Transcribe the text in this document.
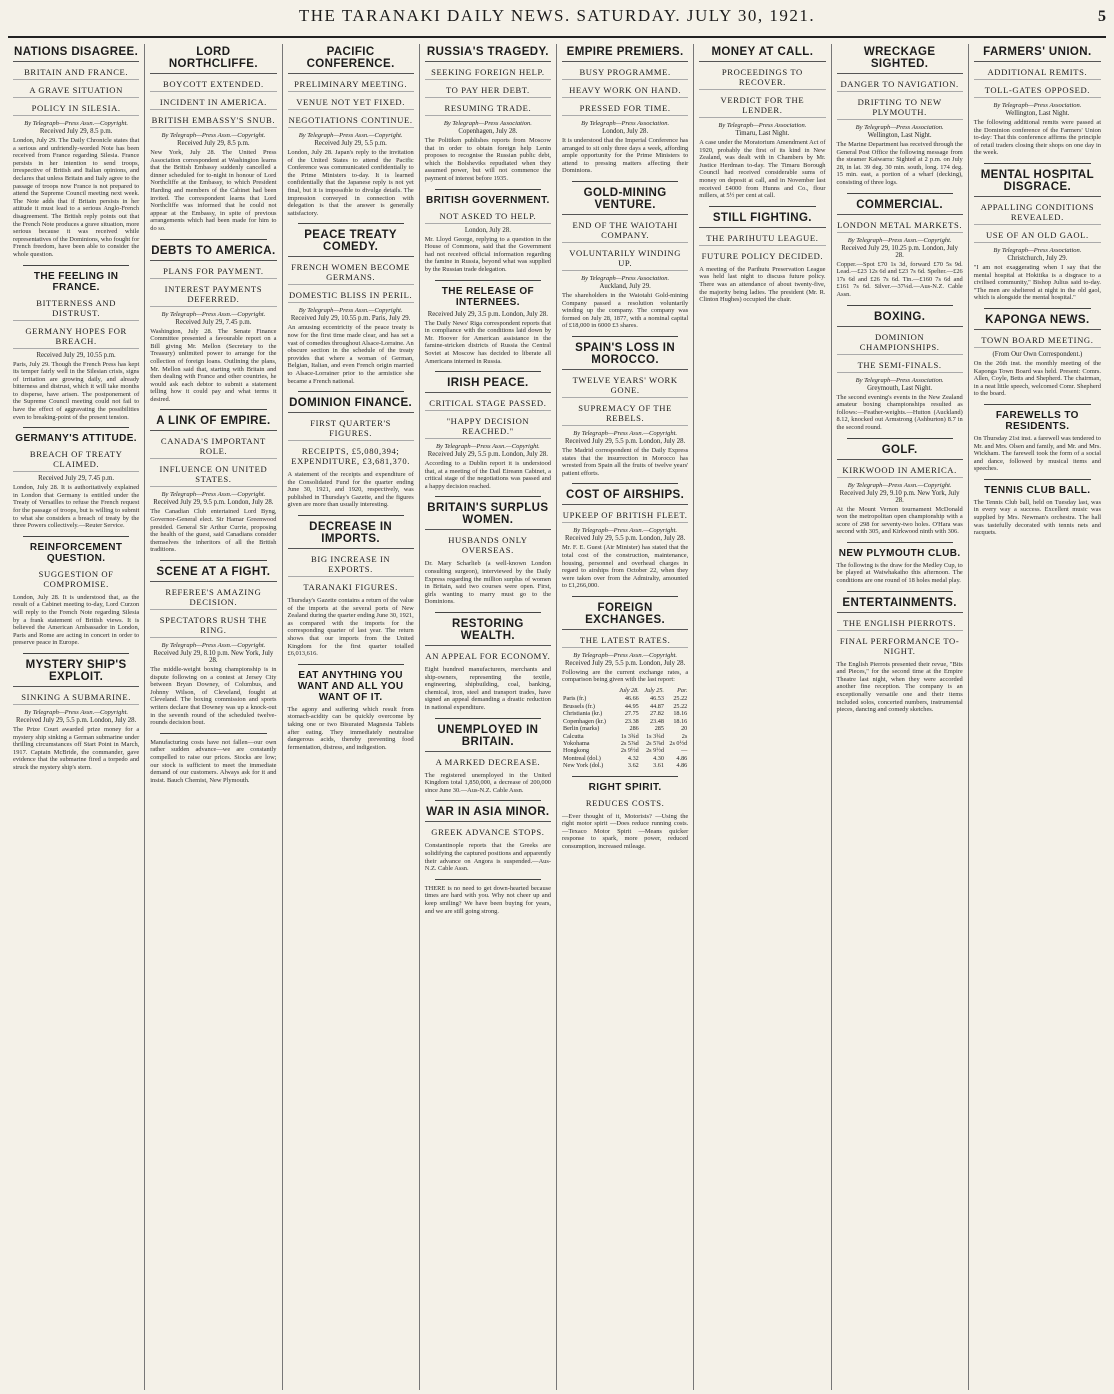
THE TARANAKI DAILY NEWS. SATURDAY. JULY 30, 1921.	5
NATIONS DISAGREE.
BRITAIN AND FRANCE.
A GRAVE SITUATION
POLICY IN SILESIA.
By Telegraph—Press Assn.—Copyright.
Received July 29, 8.5 p.m.

London, July 29. The Daily Chronicle states that a serious and unfriendly-worded Note has been received from France regarding Silesia. France persists in her intention to send troops, irrespective of British and Italian opinions, and declares that unless Britain and Italy agree to the passage of troops now France is not prepared to attend the Supreme Council meeting next week. The Note adds that if Britain persists in her attitude it must lead to a serious Anglo-French disagreement. The British reply points out that the French Note produces a grave situation, more serious because it was received while representatives of the Dominions, who fought for French freedom, have been able to consider the whole question.

THE FEELING IN FRANCE.
BITTERNESS AND DISTRUST.
GERMANY HOPES FOR BREACH.
Received July 29, 10.55 p.m.

Paris, July 29. Though the French Press has kept its temper fairly well in the Silesian crisis, signs of irritation are growing daily, and already bitterness and distrust, which it will take months to disperse, have arisen. The postponement of the Supreme Council meeting could not fail to have the effect of aggravating the possibilities even to breaking-point of the present tension.

GERMANY'S ATTITUDE.
BREACH OF TREATY CLAIMED.
Received July 29, 7.45 p.m.

London, July 28. It is authoritatively explained in London that Germany is entitled under the Treaty of Versailles to refuse the French request for the passage of troops, but is willing to submit to what she considers a breach of treaty by the three Powers collectively.—Reuter Service.

REINFORCEMENT QUESTION.
SUGGESTION OF COMPROMISE.

London, July 28. It is understood that, as the result of a Cabinet meeting to-day, Lord Curzon will reply to the French Note regarding Silesia by a frank statement of British views. It is believed the American Ambassador in London, Paris and Rome are acting in concert in order to preserve peace in Europe.

MYSTERY SHIP'S EXPLOIT.
SINKING A SUBMARINE.
By Telegraph—Press Assn.—Copyright.
Received July 29, 5.5 p.m. London, July 28.

The Prize Court awarded prize money for a mystery ship sinking a German submarine under thrilling circumstances off Start Point in March, 1917. Captain McBride, the commander, gave evidence that the submarine fired a torpedo and struck the mystery ship's stern.

LORD NORTHCLIFFE.
BOYCOTT EXTENDED.
INCIDENT IN AMERICA.
BRITISH EMBASSY'S SNUB.
By Telegraph—Press Assn.—Copyright.
Received July 29, 8.5 p.m.

New York, July 28. The United Press Association correspondent at Washington learns that the British Embassy suddenly cancelled a dinner scheduled for to-night in honour of Lord Northcliffe at the Embassy, to which President Harding and members of the Cabinet had been invited. The correspondent learns that Lord Northcliffe was informed that he could not appear at the Embassy, in spite of previous arrangements which had been made for him to do so.

DEBTS TO AMERICA.
PLANS FOR PAYMENT.
INTEREST PAYMENTS DEFERRED.
By Telegraph—Press Assn.—Copyright.
Received July 29, 7.45 p.m.

Washington, July 28. The Senate Finance Committee presented a favourable report on a Bill giving Mr. Mellon (Secretary to the Treasury) unlimited power to arrange for the collection of foreign loans. Outlining the plans, Mr. Mellon said that, starting with Britain and then dealing with France and other countries, he would ask each debtor to submit a statement telling how it could pay and what terms it desired.

A LINK OF EMPIRE.
CANADA'S IMPORTANT ROLE.
INFLUENCE ON UNITED STATES.
By Telegraph—Press Assn.—Copyright.
Received July 29, 9.5 p.m. London, July 28.

The Canadian Club entertained Lord Byng, Governor-General elect. Sir Hamar Greenwood presided. General Sir Arthur Currie, proposing the health of the guest, said Canadians consider themselves the inheritors of all the British traditions.

SCENE AT A FIGHT.
REFEREE'S AMAZING DECISION.
SPECTATORS RUSH THE RING.
By Telegraph—Press Assn.—Copyright.
Received July 29, 8.10 p.m. New York, July 28.

The middle-weight boxing championship is in dispute following on a contest at Jersey City between Bryan Downey, of Columbus, and Johnny Wilson, of Cleveland, fought at Cleveland. The boxing commission and sports writers declare that Downey was up a knock-out in the seventh round of the scheduled twelve-rounds decision bout.

Manufacturing costs have not fallen—our own rather sudden advance—we are constantly compelled to raise our prices. Stocks are low; our stock is sufficient to meet the immediate demand of our customers. Always ask for it and insist. Bauch Chemist, New Plymouth.

PACIFIC CONFERENCE.
PRELIMINARY MEETING.
VENUE NOT YET FIXED.
NEGOTIATIONS CONTINUE.
By Telegraph—Press Assn.—Copyright.
Received July 29, 5.5 p.m.

London, July 28. Japan's reply to the invitation of the United States to attend the Pacific Conference was communicated confidentially to the Prime Ministers to-day. It is learned confidentially that the Japanese reply is not yet final, but it is impossible to divulge details. The impression conveyed in connection with delegation is that the answer is generally satisfactory.

PEACE TREATY COMEDY.
FRENCH WOMEN BECOME GERMANS.
DOMESTIC BLISS IN PERIL.
By Telegraph—Press Assn.—Copyright.
Received July 29, 10.55 p.m. Paris, July 29.

An amusing eccentricity of the peace treaty is now for the first time made clear, and has set a vast of comedies throughout Alsace-Lorraine. An obscure section in the schedule of the treaty provides that where a woman of German, Belgian, Italian, and even French origin married to Alsace-Lorrainer prior to the armistice she became a French national.

DOMINION FINANCE.
FIRST QUARTER'S FIGURES.
RECEIPTS, £5,080,394; EXPENDITURE, £3,681,370.

A statement of the receipts and expenditure of the Consolidated Fund for the quarter ending June 30, 1921, and 1920, respectively, was published in Thursday's Gazette, and the figures given are more than usually interesting.

DECREASE IN IMPORTS.
BIG INCREASE IN EXPORTS.
TARANAKI FIGURES.

Thursday's Gazette contains a return of the value of the imports at the several ports of New Zealand during the quarter ending June 30, 1921, as compared with the imports for the corresponding quarter of last year. The return shows that our imports from the United Kingdom for the first quarter totalled £6,013,616.

EAT ANYTHING YOU WANT AND ALL YOU WANT OF IT.

The agony and suffering which result from stomach-acidity can be quickly overcome by taking one or two Bisurated Magnesia Tablets after eating. They immediately neutralise dangerous acids, thereby preventing food fermentation, distress, and indigestion.

RUSSIA'S TRAGEDY.
SEEKING FOREIGN HELP.
TO PAY HER DEBT.
RESUMING TRADE.
By Telegraph—Press Association.
Copenhagen, July 28.

The Politiken publishes reports from Moscow that in order to obtain foreign help Lenin proposes to recognise the Russian public debt, which the Bolsheviks repudiated when they assumed power, but will not commence the payment of interest before 1935.

BRITISH GOVERNMENT.
NOT ASKED TO HELP.
London, July 28.

Mr. Lloyd George, replying to a question in the House of Commons, said that the Government had not received official information regarding the famine in Russia, beyond what was supplied by the Russian trade delegation.

THE RELEASE OF INTERNEES.
Received July 29, 3.5 p.m. London, July 28.

The Daily News' Riga correspondent reports that in compliance with the conditions laid down by Mr. Hoover for American assistance in the famine-stricken districts of Russia the Central Soviet at Moscow has decided to liberate all Americans interned in Russia.

IRISH PEACE.
CRITICAL STAGE PASSED.
"HAPPY DECISION REACHED."
By Telegraph—Press Assn.—Copyright.
Received July 29, 5.5 p.m. London, July 28.

According to a Dublin report it is understood that, at a meeting of the Dail Eireann Cabinet, a critical stage of the negotiations was passed and a happy decision reached.

BRITAIN'S SURPLUS WOMEN.
HUSBANDS ONLY OVERSEAS.

Dr. Mary Scharlieb (a well-known London consulting surgeon), interviewed by the Daily Express regarding the million surplus of women in Britain, said two courses were open. First, girls wanting to marry must go to the Dominions.

RESTORING WEALTH.
AN APPEAL FOR ECONOMY.

Eight hundred manufacturers, merchants and ship-owners, representing the textile, engineering, shipbuilding, coal, banking, chemical, iron, steel and transport trades, have signed an appeal demanding a drastic reduction in national expenditure.

UNEMPLOYED IN BRITAIN.
A MARKED DECREASE.

The registered unemployed in the United Kingdom total 1,850,000, a decrease of 200,000 since June 30.—Aus-N.Z. Cable Assn.

WAR IN ASIA MINOR.
GREEK ADVANCE STOPS.

Constantinople reports that the Greeks are solidifying the captured positions and apparently their advance on Angora is suspended.—Aus-N.Z. Cable Assn.

THERE is no need to get down-hearted because times are hard with you. Why not cheer up and keep smiling? We have been buying for years, and we are still going strong.

EMPIRE PREMIERS.
BUSY PROGRAMME.
HEAVY WORK ON HAND.
PRESSED FOR TIME.
By Telegraph—Press Association.
London, July 28.

It is understood that the Imperial Conference has arranged to sit only three days a week, affording ample opportunity for the Prime Ministers to attend to pressing matters affecting their Dominions.

GOLD-MINING VENTURE.
END OF THE WAIOTAHI COMPANY.
VOLUNTARILY WINDING UP.
By Telegraph—Press Association.
Auckland, July 29.

The shareholders in the Waiotahi Gold-mining Company passed a resolution voluntarily winding up the company. The company was formed on July 28, 1877, with a nominal capital of £18,000 in 6000 £3 shares.

SPAIN'S LOSS IN MOROCCO.
TWELVE YEARS' WORK GONE.
SUPREMACY OF THE REBELS.
By Telegraph—Press Assn.—Copyright.
Received July 29, 5.5 p.m. London, July 28.

The Madrid correspondent of the Daily Express states that the insurrection in Morocco has wrested from Spain all the fruits of twelve years' patient efforts.

COST OF AIRSHIPS.
UPKEEP OF BRITISH FLEET.
By Telegraph—Press Assn.—Copyright.
Received July 29, 5.5 p.m. London, July 28.

Mr. F. E. Guest (Air Minister) has stated that the total cost of the construction, maintenance, housing, personnel and overhead charges in regard to airships from October 22, when they were taken over from the Admiralty, amounted to £1,266,000.

FOREIGN EXCHANGES.
THE LATEST RATES.
By Telegraph—Press Assn.—Copyright.
Received July 29, 5.5 p.m. London, July 28.

Following are the current exchange rates, a comparison being given with the last report:

	July 28.	July 25.	Par.
Paris (fr.)	46.66	46.53	25.22
Brussels (fr.)	44.95	44.87	25.22
Christiania (kr.)	27.75	27.82	18.16
Copenhagen (kr.)	23.38	23.48	18.16
Berlin (marks)	286	285	20
Calcutta	1s 3¾d	1s 3¾d	2s
Yokohama	2s 5⅞d	2s 5⅞d	2s 0½d
Hongkong	2s 9½d	2s 9½d	—
Montreal (dol.)	4.32	4.30	4.86
New York (dol.)	3.62	3.61	4.86
RIGHT SPIRIT.
REDUCES COSTS.

—Ever thought of it, Motorists? —Using the right motor spirit —Does reduce running costs. —Texaco Motor Spirit —Means quicker response to spark, more power, reduced consumption, increased mileage.

MONEY AT CALL.
PROCEEDINGS TO RECOVER.
VERDICT FOR THE LENDER.
By Telegraph—Press Association.
Timaru, Last Night.

A case under the Moratorium Amendment Act of 1920, probably the first of its kind in New Zealand, was dealt with in Chambers by Mr. Justice Herdman to-day. The Timaru Borough Council had received considerable sums of money on deposit at call, and in November last received £4000 from Hunns and Co., flour millers, at 5½ per cent at call.

STILL FIGHTING.
THE PARIHUTU LEAGUE.
FUTURE POLICY DECIDED.

A meeting of the Parihutu Preservation League was held last night to discuss future policy. There was an attendance of about twenty-five, the majority being ladies. The president (Mr. R. Clinton Hughes) occupied the chair.

WRECKAGE SIGHTED.
DANGER TO NAVIGATION.
DRIFTING TO NEW PLYMOUTH.
By Telegraph—Press Association.
Wellington, Last Night.

The Marine Department has received through the General Post Office the following message from the steamer Kaiwarra: Sighted at 2 p.m. on July 28, in lat. 39 deg. 30 min. south, long. 174 deg. 15 min. east, a portion of a wharf (decking), consisting of three logs.

COMMERCIAL.
LONDON METAL MARKETS.
By Telegraph—Press Assn.—Copyright.
Received July 29, 10.25 p.m. London, July 28.

Copper.—Spot £70 1s 3d, forward £70 5s 9d. Lead.—£23 12s 6d and £23 7s 6d. Spelter.—£26 17s 6d and £26 7s 6d. Tin.—£160 7s 6d and £161 7s 6d. Silver.—37¼d.—Aus-N.Z. Cable Assn.

BOXING.
DOMINION CHAMPIONSHIPS.
THE SEMI-FINALS.
By Telegraph—Press Association.
Greymouth, Last Night.

The second evening's events in the New Zealand amateur boxing championships resulted as follows:—Feather-weights.—Hutton (Auckland) 8.12, knocked out Armstrong (Ashburton) 8.7 in the second round.

GOLF.
KIRKWOOD IN AMERICA.
By Telegraph—Press Assn.—Copyright.
Received July 29, 9.10 p.m. New York, July 28.

At the Mount Vernon tournament McDonald won the metropolitan open championship with a score of 298 for seventy-two holes. O'Hara was second with 305, and Kirkwood ninth with 306.

NEW PLYMOUTH CLUB.

The following is the draw for the Medley Cup, to be played at Waiwhakaiho this afternoon. The conditions are one round of 18 holes medal play.

ENTERTAINMENTS.
THE ENGLISH PIERROTS.
FINAL PERFORMANCE TO-NIGHT.

The English Pierrots presented their revue, "Bits and Pieces," for the second time at the Empire Theatre last night, when they were accorded another fine reception. The company is an exceptionally versatile one and their items included solos, concerted numbers, instrumental pieces, dancing and comedy sketches.

FARMERS' UNION.
ADDITIONAL REMITS.
TOLL-GATES OPPOSED.
By Telegraph—Press Association.
Wellington, Last Night.

The following additional remits were passed at the Dominion conference of the Farmers' Union to-day: That this conference affirms the principle of retail traders closing their shops on one day in the week.

MENTAL HOSPITAL DISGRACE.
APPALLING CONDITIONS REVEALED.
USE OF AN OLD GAOL.
By Telegraph—Press Association.
Christchurch, July 29.

"I am not exaggerating when I say that the mental hospital at Hokitika is a disgrace to a civilised community," Bishop Julius said to-day. "The men are sheltered at night in the old gaol, which is alongside the mental hospital."

KAPONGA NEWS.
TOWN BOARD MEETING.
(From Our Own Correspondent.)

On the 26th inst. the monthly meeting of the Kaponga Town Board was held. Present: Comrs. Allen, Coyle, Betts and Shepherd. The chairman, in a neat little speech, welcomed Comr. Shepherd to the board.

FAREWELLS TO RESIDENTS.

On Thursday 21st inst. a farewell was tendered to Mr. and Mrs. Olsen and family, and Mr. and Mrs. Wickham. The farewell took the form of a social and dance, followed by musical items and speeches.

TENNIS CLUB BALL.

The Tennis Club ball, held on Tuesday last, was in every way a success. Excellent music was supplied by Mrs. Newman's orchestra. The hall was tastefully decorated with tennis nets and racquets.
